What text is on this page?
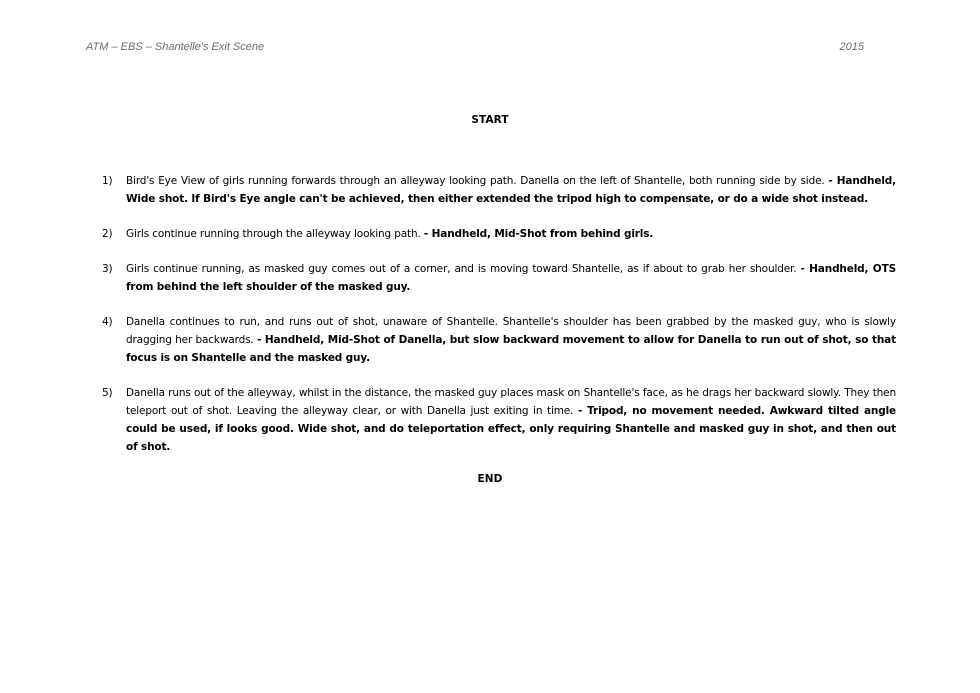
ATM – EBS – Shantelle’s Exit Scene	2015
START
1) Bird's Eye View of girls running forwards through an alleyway looking path. Danella on the left of Shantelle, both running side by side. - Handheld, Wide shot. If Bird's Eye angle can't be achieved, then either extended the tripod high to compensate, or do a wide shot instead.
2) Girls continue running through the alleyway looking path. - Handheld, Mid-Shot from behind girls.
3) Girls continue running, as masked guy comes out of a corner, and is moving toward Shantelle, as if about to grab her shoulder. - Handheld, OTS from behind the left shoulder of the masked guy.
4) Danella continues to run, and runs out of shot, unaware of Shantelle. Shantelle's shoulder has been grabbed by the masked guy, who is slowly dragging her backwards. - Handheld, Mid-Shot of Danella, but slow backward movement to allow for Danella to run out of shot, so that focus is on Shantelle and the masked guy.
5) Danella runs out of the alleyway, whilst in the distance, the masked guy places mask on Shantelle's face, as he drags her backward slowly. They then teleport out of shot. Leaving the alleyway clear, or with Danella just exiting in time. - Tripod, no movement needed. Awkward tilted angle could be used, if looks good. Wide shot, and do teleportation effect, only requiring Shantelle and masked guy in shot, and then out of shot.
END
